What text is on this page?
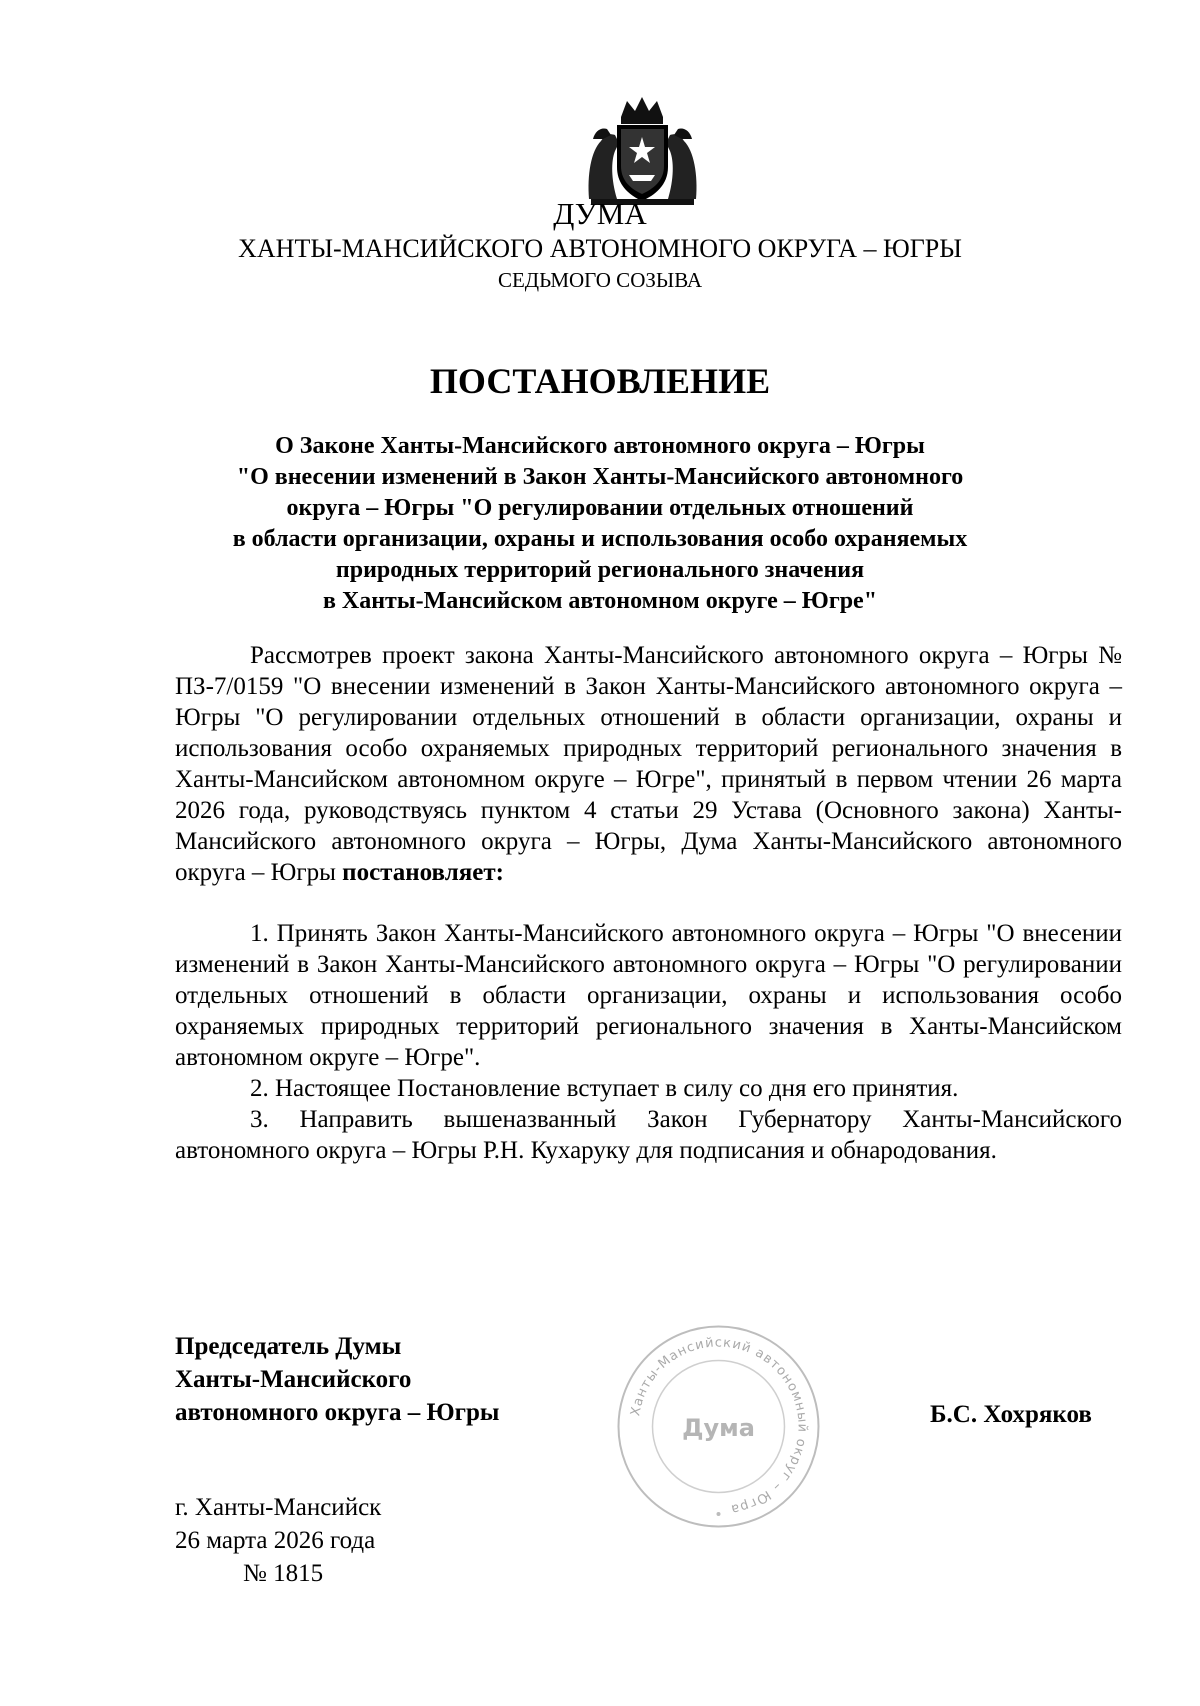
ДУМА
ХАНТЫ-МАНСИЙСКОГО АВТОНОМНОГО ОКРУГА – ЮГРЫ
СЕДЬМОГО СОЗЫВА
ПОСТАНОВЛЕНИЕ
О Законе Ханты-Мансийского автономного округа – Югры
"О внесении изменений в Закон Ханты-Мансийского автономного
округа – Югры "О регулировании отдельных отношений
в области организации, охраны и использования особо охраняемых
природных территорий регионального значения
в Ханты-Мансийском автономном округе – Югре"

Рассмотрев проект закона Ханты-Мансийского автономного округа – Югры № ПЗ-7/0159 "О внесении изменений в Закон Ханты-Мансийского автономного округа – Югры "О регулировании отдельных отношений в области организации, охраны и использования особо охраняемых природных территорий регионального значения в Ханты-Мансийском автономном округе – Югре", принятый в первом чтении 26 марта 2026 года, руководствуясь пунктом 4 статьи 29 Устава (Основного закона) Ханты-Мансийского автономного округа – Югры, Дума Ханты-Мансийского автономного округа – Югры постановляет:

1. Принять Закон Ханты-Мансийского автономного округа – Югры "О внесении изменений в Закон Ханты-Мансийского автономного округа – Югры "О регулировании отдельных отношений в области организации, охраны и использования особо охраняемых природных территорий регионального значения в Ханты-Мансийском автономном округе – Югре".

2. Настоящее Постановление вступает в силу со дня его принятия.

3. Направить вышеназванный Закон Губернатору Ханты-Мансийского автономного округа – Югры Р.Н. Кухаруку для подписания и обнародования.

Председатель Думы
Ханты-Мансийского
автономного округа – Югры	Ханты-Мансийский автономный округ – Югра
Дума	Б.С. Хохряков
г. Ханты-Мансийск
26 марта 2026 года
№ 1815
